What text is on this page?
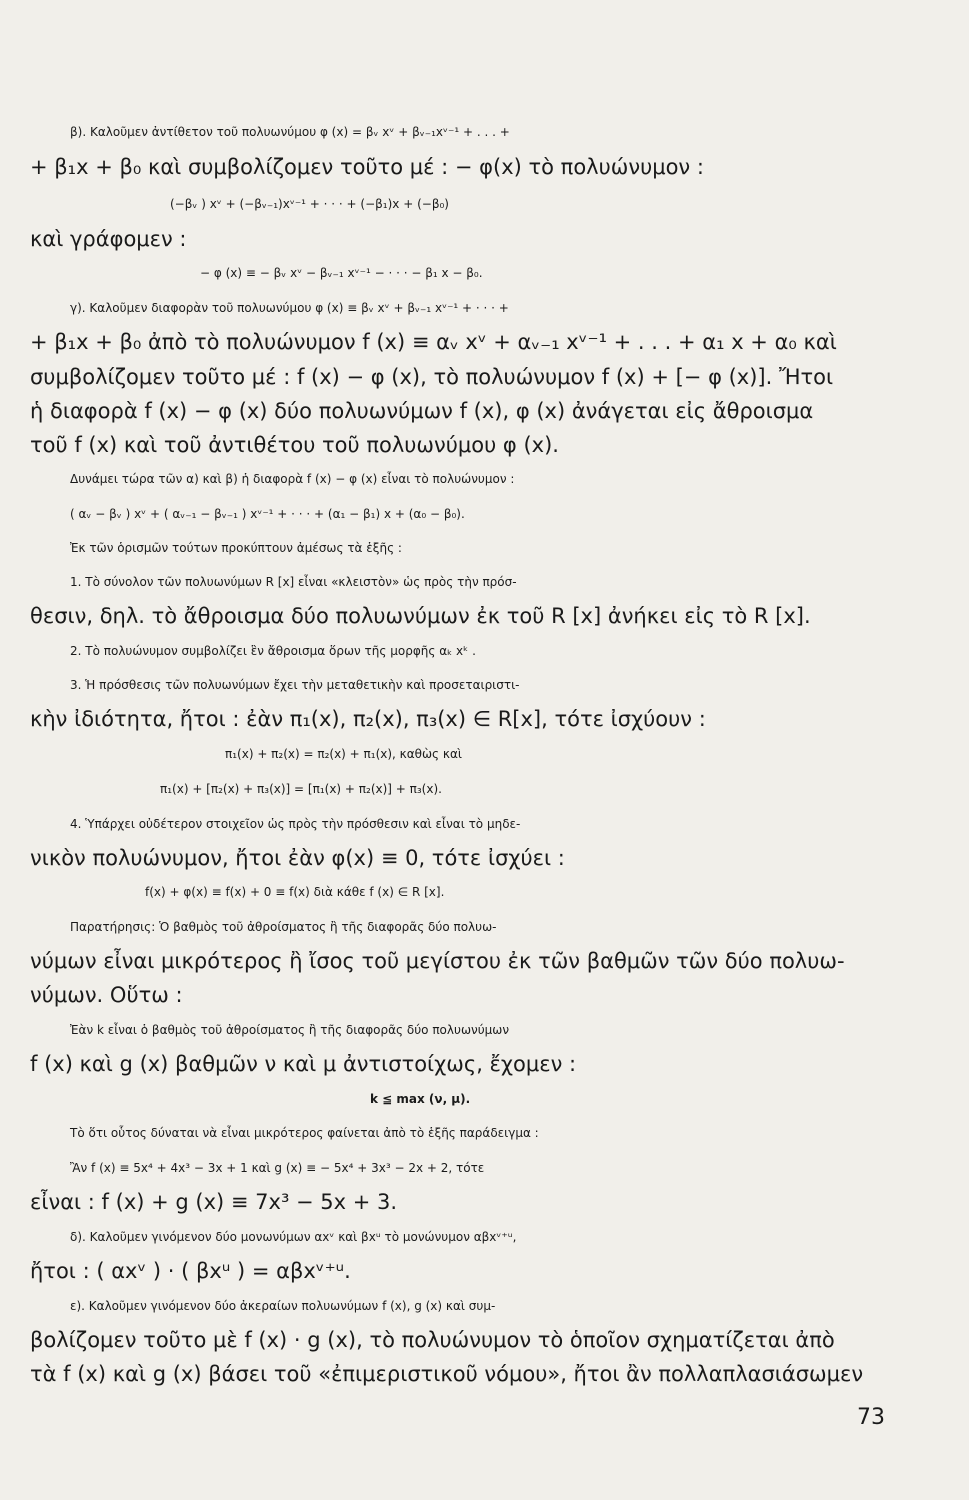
β). Καλοῦμεν ἀντίθετον τοῦ πολυωνύμου φ (x) = βᵥ xᵛ + βᵥ₋₁xᵛ⁻¹ + . . . +
+ β₁x + β₀ καὶ συμβολίζομεν τοῦτο μέ : − φ(x) τὸ πολυώνυμον :
(−βᵥ ) xᵛ + (−βᵥ₋₁)xᵛ⁻¹ + · · · + (−β₁)x + (−β₀)
καὶ γράφομεν :
− φ (x) ≡ − βᵥ xᵛ − βᵥ₋₁ xᵛ⁻¹ − · · · − β₁ x − β₀.
γ). Καλοῦμεν διαφορὰν τοῦ πολυωνύμου φ (x) ≡ βᵥ xᵛ + βᵥ₋₁ xᵛ⁻¹ + · · · +
+ β₁x + β₀ ἀπὸ τὸ πολυώνυμον f (x) ≡ αᵥ xᵛ + αᵥ₋₁ xᵛ⁻¹ + . . . + α₁ x + α₀ καὶ
συμβολίζομεν τοῦτο μέ : f (x) − φ (x), τὸ πολυώνυμον f (x) + [− φ (x)]. Ἤτοι
ἡ διαφορὰ f (x) − φ (x) δύο πολυωνύμων f (x), φ (x) ἀνάγεται εἰς ἄθροισμα
τοῦ f (x) καὶ τοῦ ἀντιθέτου τοῦ πολυωνύμου φ (x).
Δυνάμει τώρα τῶν α) καὶ β) ἡ διαφορὰ f (x) − φ (x) εἶναι τὸ πολυώνυμον :
( αᵥ − βᵥ ) xᵛ + ( αᵥ₋₁ − βᵥ₋₁ ) xᵛ⁻¹ + · · · + (α₁ − β₁) x + (α₀ − β₀).
Ἐκ τῶν ὁρισμῶν τούτων προκύπτουν ἀμέσως τὰ ἑξῆς :
1. Τὸ σύνολον τῶν πολυωνύμων R [x] εἶναι «κλειστὸν» ὡς πρὸς τὴν πρόσ-
θεσιν, δηλ. τὸ ἄθροισμα δύο πολυωνύμων ἐκ τοῦ R [x] ἀνήκει εἰς τὸ R [x].
2. Τὸ πολυώνυμον συμβολίζει ἓν ἄθροισμα ὅρων τῆς μορφῆς αₖ xᵏ .
3. Ἡ πρόσθεσις τῶν πολυωνύμων ἔχει τὴν μεταθετικὴν καὶ προσεταιριστι-
κὴν ἰδιότητα, ἤτοι : ἐὰν π₁(x), π₂(x), π₃(x) ∈ R[x], τότε ἰσχύουν :
π₁(x) + π₂(x) = π₂(x) + π₁(x), καθὼς καὶ
π₁(x) + [π₂(x) + π₃(x)] = [π₁(x) + π₂(x)] + π₃(x).
4. Ὑπάρχει οὐδέτερον στοιχεῖον ὡς πρὸς τὴν πρόσθεσιν καὶ εἶναι τὸ μηδε-
νικὸν πολυώνυμον, ἤτοι ἐὰν φ(x) ≡ 0, τότε ἰσχύει :
f(x) + φ(x) ≡ f(x) + 0 ≡ f(x) διὰ κάθε f (x) ∈ R [x].
Παρατήρησις: Ὁ βαθμὸς τοῦ ἀθροίσματος ἢ τῆς διαφορᾶς δύο πολυω-
νύμων εἶναι μικρότερος ἢ ἴσος τοῦ μεγίστου ἐκ τῶν βαθμῶν τῶν δύο πολυω-
νύμων. Οὕτω :
Ἐὰν k εἶναι ὁ βαθμὸς τοῦ ἀθροίσματος ἢ τῆς διαφορᾶς δύο πολυωνύμων
f (x) καὶ g (x) βαθμῶν ν καὶ μ ἀντιστοίχως, ἔχομεν :
k ≦ max (ν, μ).
Τὸ ὅτι οὗτος δύναται νὰ εἶναι μικρότερος φαίνεται ἀπὸ τὸ ἑξῆς παράδειγμα :
Ἂν f (x) ≡ 5x⁴ + 4x³ − 3x + 1 καὶ g (x) ≡ − 5x⁴ + 3x³ − 2x + 2, τότε
εἶναι : f (x) + g (x) ≡ 7x³ − 5x + 3.
δ). Καλοῦμεν γινόμενον δύο μονωνύμων αxᵛ καὶ βxᵘ τὸ μονώνυμον αβxᵛ⁺ᵘ,
ἤτοι : ( αxᵛ ) · ( βxᵘ ) = αβxᵛ⁺ᵘ.
ε). Καλοῦμεν γινόμενον δύο ἀκεραίων πολυωνύμων f (x), g (x) καὶ συμ-
βολίζομεν τοῦτο μὲ f (x) · g (x), τὸ πολυώνυμον τὸ ὁποῖον σχηματίζεται ἀπὸ
τὰ f (x) καὶ g (x) βάσει τοῦ «ἐπιμεριστικοῦ νόμου», ἤτοι ἂν πολλαπλασιάσωμεν
73
